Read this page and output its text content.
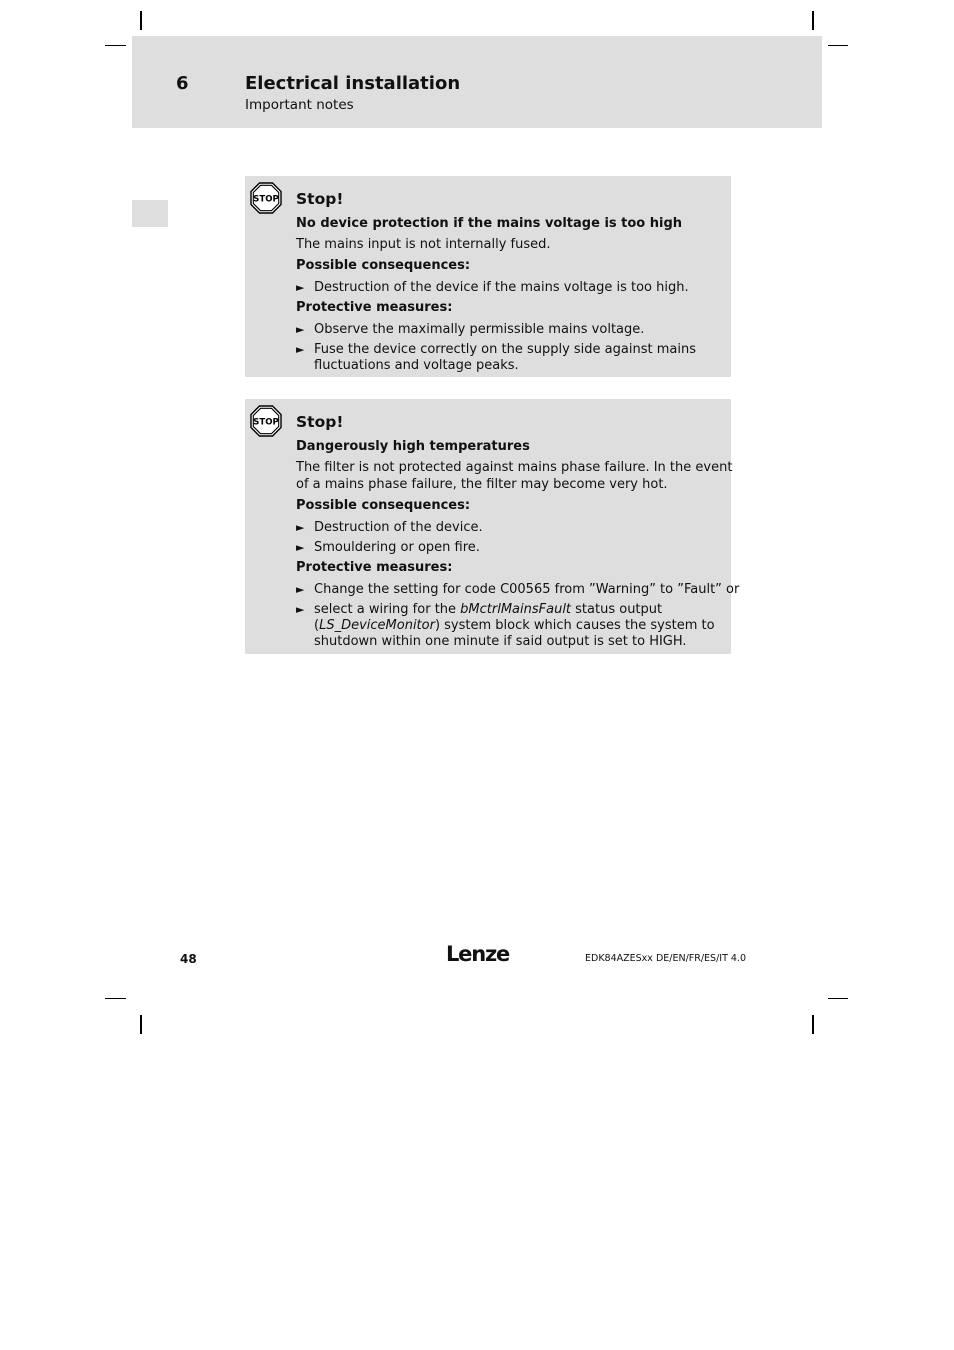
6	Electrical installation
Important notes
STOP Stop!
No device protection if the mains voltage is too high
The mains input is not internally fused.
Possible consequences:
► Destruction of the device if the mains voltage is too high.
Protective measures:
► Observe the maximally permissible mains voltage.
► Fuse the device correctly on the supply side against mains
fluctuations and voltage peaks.
STOP Stop!
Dangerously high temperatures
The filter is not protected against mains phase failure. In the event
of a mains phase failure, the filter may become very hot.
Possible consequences:
► Destruction of the device.
► Smouldering or open fire.
Protective measures:
► Change the setting for code C00565 from ”Warning” to ”Fault” or
► select a wiring for the bMctrlMainsFault status output
(LS_DeviceMonitor) system block which causes the system to
shutdown within one minute if said output is set to HIGH.
48	Lenze	EDK84AZESxx DE/EN/FR/ES/IT 4.0
